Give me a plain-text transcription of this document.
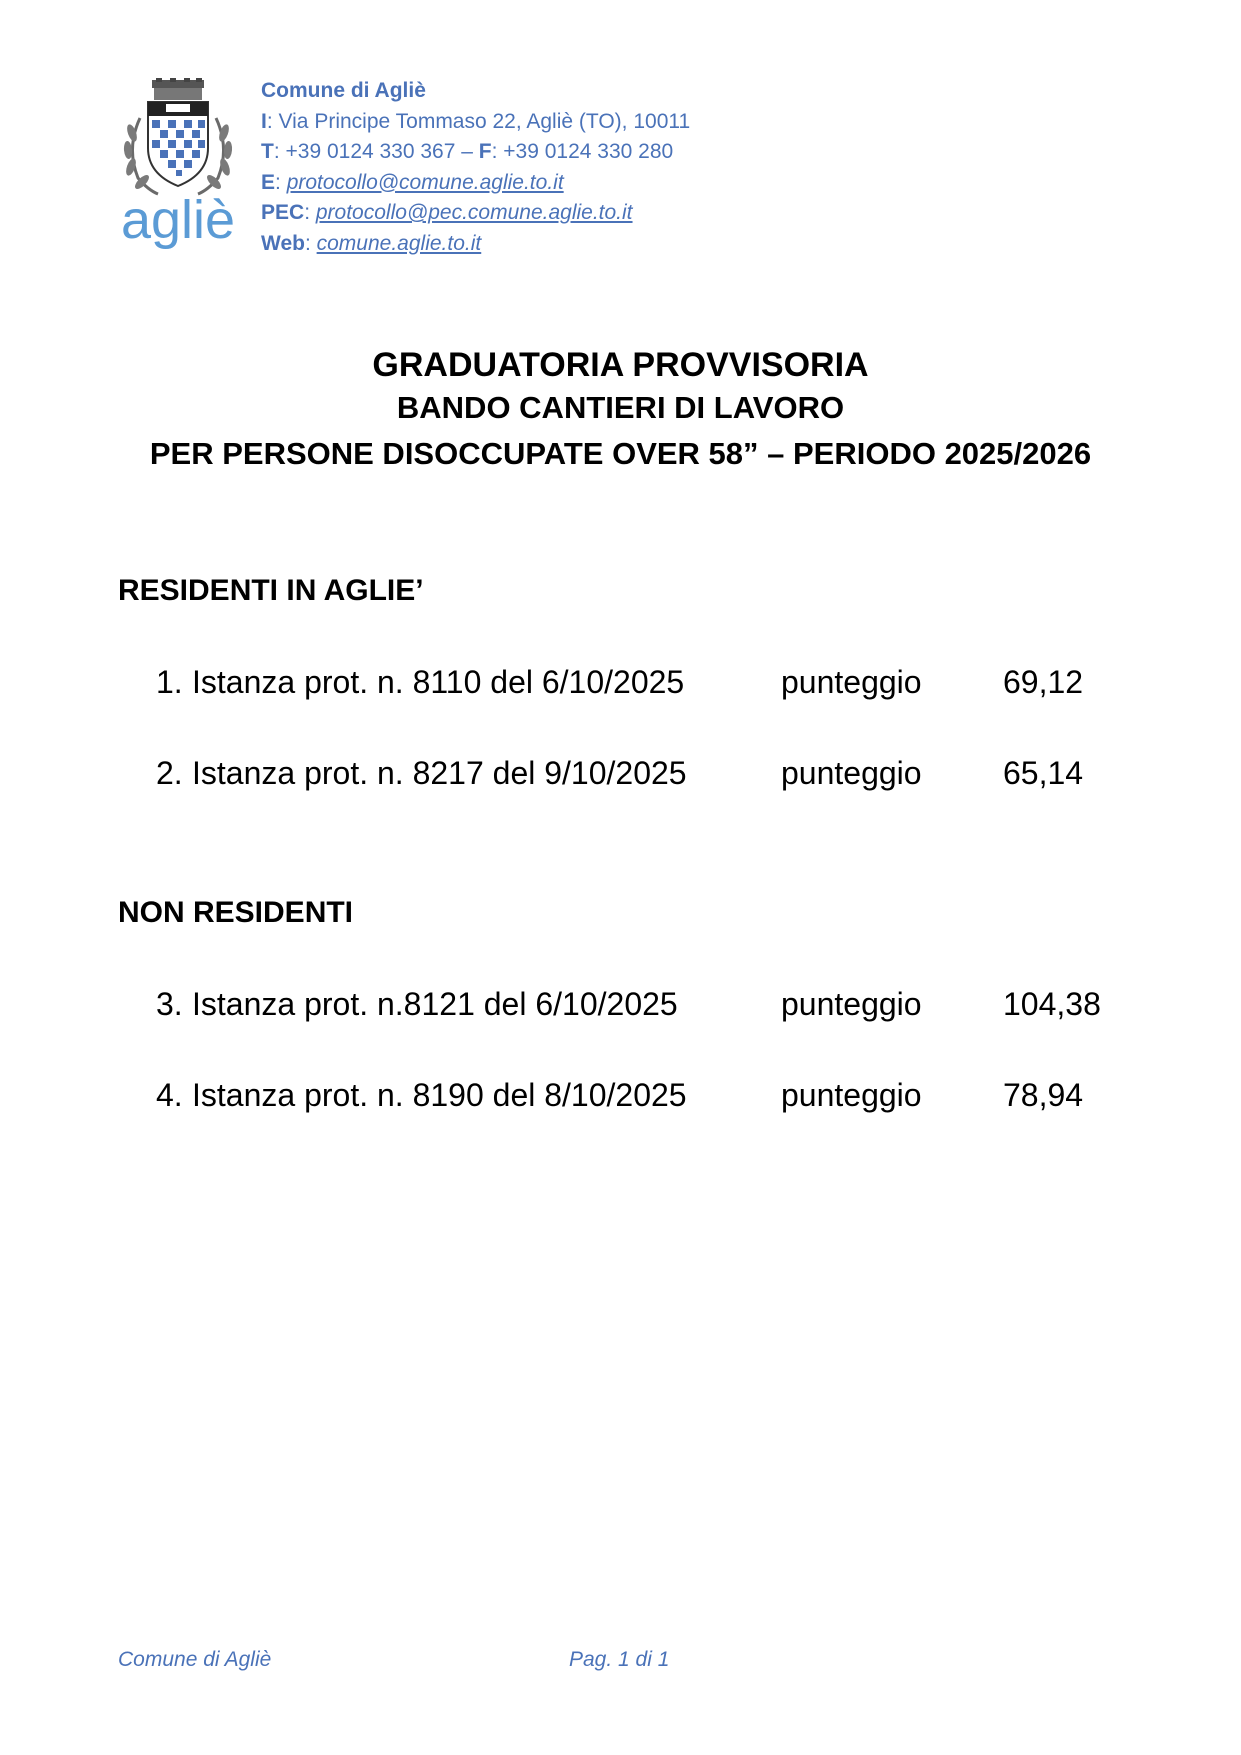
agliè
Comune di Agliè
I: Via Principe Tommaso 22, Agliè (TO), 10011
T: +39 0124 330 367 – F: +39 0124 330 280
E: protocollo@comune.aglie.to.it
PEC: protocollo@pec.comune.aglie.to.it
Web: comune.aglie.to.it
GRADUATORIA PROVVISORIA
BANDO CANTIERI DI LAVORO
PER PERSONE DISOCCUPATE OVER 58” – PERIODO 2025/2026
RESIDENTI IN AGLIE’
1. Istanza prot. n. 8110 del 6/10/2025	punteggio	69,12
2. Istanza prot. n. 8217 del 9/10/2025	punteggio	65,14
NON RESIDENTI
3. Istanza prot. n.8121 del 6/10/2025	punteggio	104,38
4. Istanza prot. n. 8190 del 8/10/2025	punteggio	78,94
Comune di Agliè	Pag. 1 di 1
